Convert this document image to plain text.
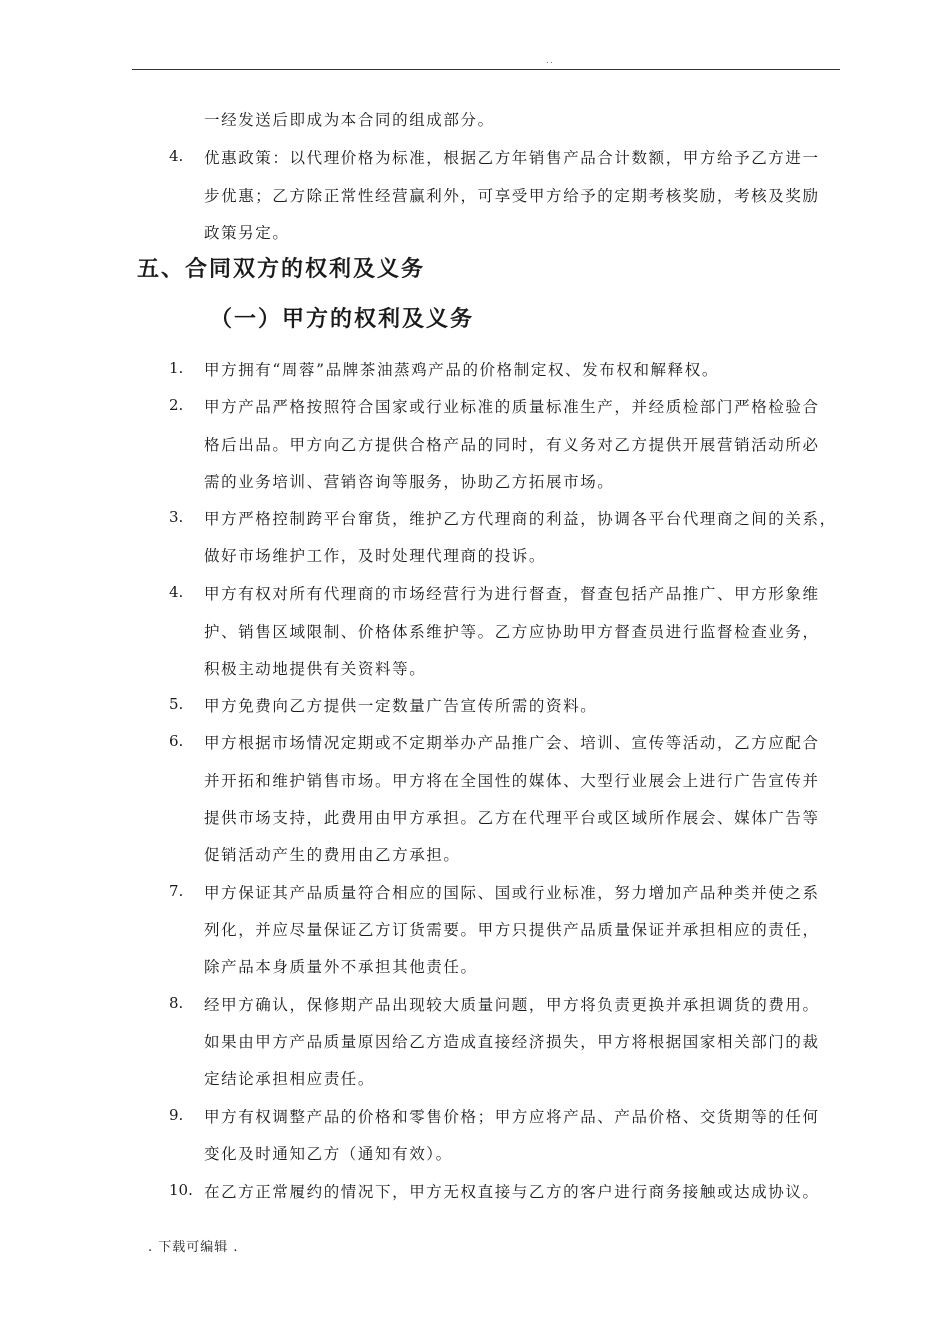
..
一经发送后即成为本合同的组成部分。
4. 优惠政策：以代理价格为标准，根据乙方年销售产品合计数额，甲方给予乙方进一
步优惠；乙方除正常性经营赢利外，可享受甲方给予的定期考核奖励，考核及奖励
政策另定。
五、合同双方的权利及义务
（一）甲方的权利及义务
1. 甲方拥有“周蓉”品牌茶油蒸鸡产品的价格制定权、发布权和解释权。
2. 甲方产品严格按照符合国家或行业标准的质量标准生产，并经质检部门严格检验合
格后出品。甲方向乙方提供合格产品的同时，有义务对乙方提供开展营销活动所必
需的业务培训、营销咨询等服务，协助乙方拓展市场。
3. 甲方严格控制跨平台窜货，维护乙方代理商的利益，协调各平台代理商之间的关系，
做好市场维护工作，及时处理代理商的投诉。
4. 甲方有权对所有代理商的市场经营行为进行督查，督查包括产品推广、甲方形象维
护、销售区域限制、价格体系维护等。乙方应协助甲方督查员进行监督检查业务，
积极主动地提供有关资料等。
5. 甲方免费向乙方提供一定数量广告宣传所需的资料。
6. 甲方根据市场情况定期或不定期举办产品推广会、培训、宣传等活动，乙方应配合
并开拓和维护销售市场。甲方将在全国性的媒体、大型行业展会上进行广告宣传并
提供市场支持，此费用由甲方承担。乙方在代理平台或区域所作展会、媒体广告等
促销活动产生的费用由乙方承担。
7. 甲方保证其产品质量符合相应的国际、国或行业标准，努力增加产品种类并使之系
列化，并应尽量保证乙方订货需要。甲方只提供产品质量保证并承担相应的责任，
除产品本身质量外不承担其他责任。
8. 经甲方确认，保修期产品出现较大质量问题，甲方将负责更换并承担调货的费用。
如果由甲方产品质量原因给乙方造成直接经济损失，甲方将根据国家相关部门的裁
定结论承担相应责任。
9. 甲方有权调整产品的价格和零售价格；甲方应将产品、产品价格、交货期等的任何
变化及时通知乙方（通知有效）。
10. 在乙方正常履约的情况下，甲方无权直接与乙方的客户进行商务接触或达成协议。
. 下载可编辑 .
